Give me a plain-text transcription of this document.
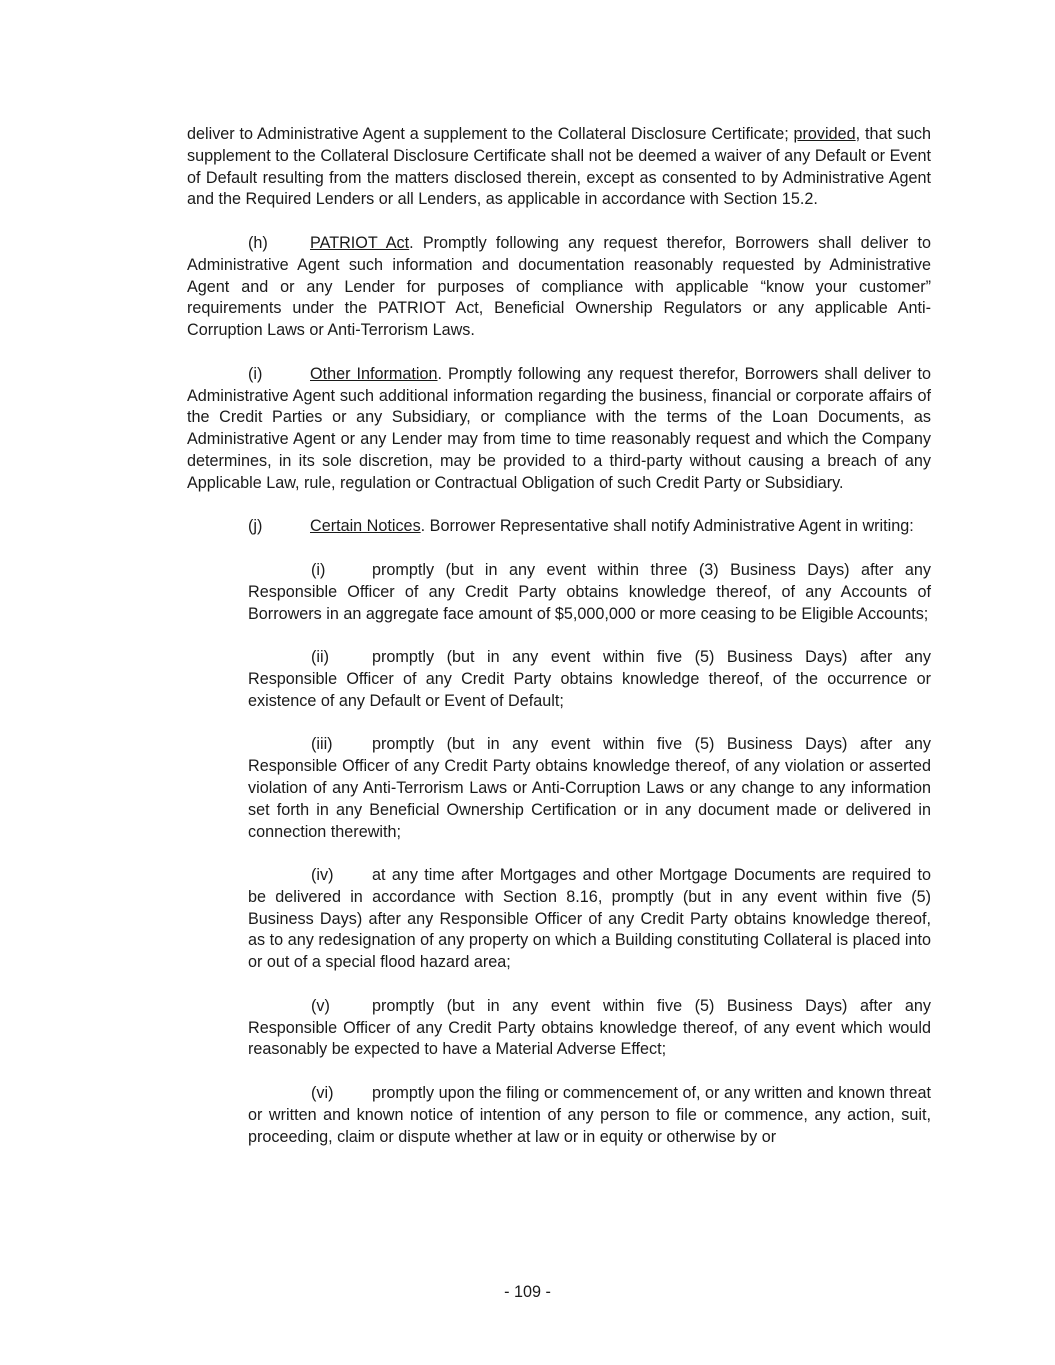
deliver to Administrative Agent a supplement to the Collateral Disclosure Certificate; provided, that such supplement to the Collateral Disclosure Certificate shall not be deemed a waiver of any Default or Event of Default resulting from the matters disclosed therein, except as consented to by Administrative Agent and the Required Lenders or all Lenders, as applicable in accordance with Section 15.2.

(h)	PATRIOT Act. Promptly following any request therefor, Borrowers shall deliver to Administrative Agent such information and documentation reasonably requested by Administrative Agent and or any Lender for purposes of compliance with applicable “know your customer” requirements under the PATRIOT Act, Beneficial Ownership Regulators or any applicable Anti-Corruption Laws or Anti-Terrorism Laws.

(i)	Other Information. Promptly following any request therefor, Borrowers shall deliver to Administrative Agent such additional information regarding the business, financial or corporate affairs of the Credit Parties or any Subsidiary, or compliance with the terms of the Loan Documents, as Administrative Agent or any Lender may from time to time reasonably request and which the Company determines, in its sole discretion, may be provided to a third-party without causing a breach of any Applicable Law, rule, regulation or Contractual Obligation of such Credit Party or Subsidiary.

(j)	Certain Notices. Borrower Representative shall notify Administrative Agent in writing:

(i)	promptly (but in any event within three (3) Business Days) after any Responsible Officer of any Credit Party obtains knowledge thereof, of any Accounts of Borrowers in an aggregate face amount of $5,000,000 or more ceasing to be Eligible Accounts;

(ii)	promptly (but in any event within five (5) Business Days) after any Responsible Officer of any Credit Party obtains knowledge thereof, of the occurrence or existence of any Default or Event of Default;

(iii) promptly (but in any event within five (5) Business Days) after any Responsible Officer of any Credit Party obtains knowledge thereof, of any violation or asserted violation of any Anti-Terrorism Laws or Anti-Corruption Laws or any change to any information set forth in any Beneficial Ownership Certification or in any document made or delivered in connection therewith;

(iv) at any time after Mortgages and other Mortgage Documents are required to be delivered in accordance with Section 8.16, promptly (but in any event within five (5) Business Days) after any Responsible Officer of any Credit Party obtains knowledge thereof, as to any redesignation of any property on which a Building constituting Collateral is placed into or out of a special flood hazard area;

(v)	promptly (but in any event within five (5) Business Days) after any Responsible Officer of any Credit Party obtains knowledge thereof, of any event which would reasonably be expected to have a Material Adverse Effect;

(vi) promptly upon the filing or commencement of, or any written and known threat or written and known notice of intention of any person to file or commence, any action, suit, proceeding, claim or dispute whether at law or in equity or otherwise by or

- 109 -
